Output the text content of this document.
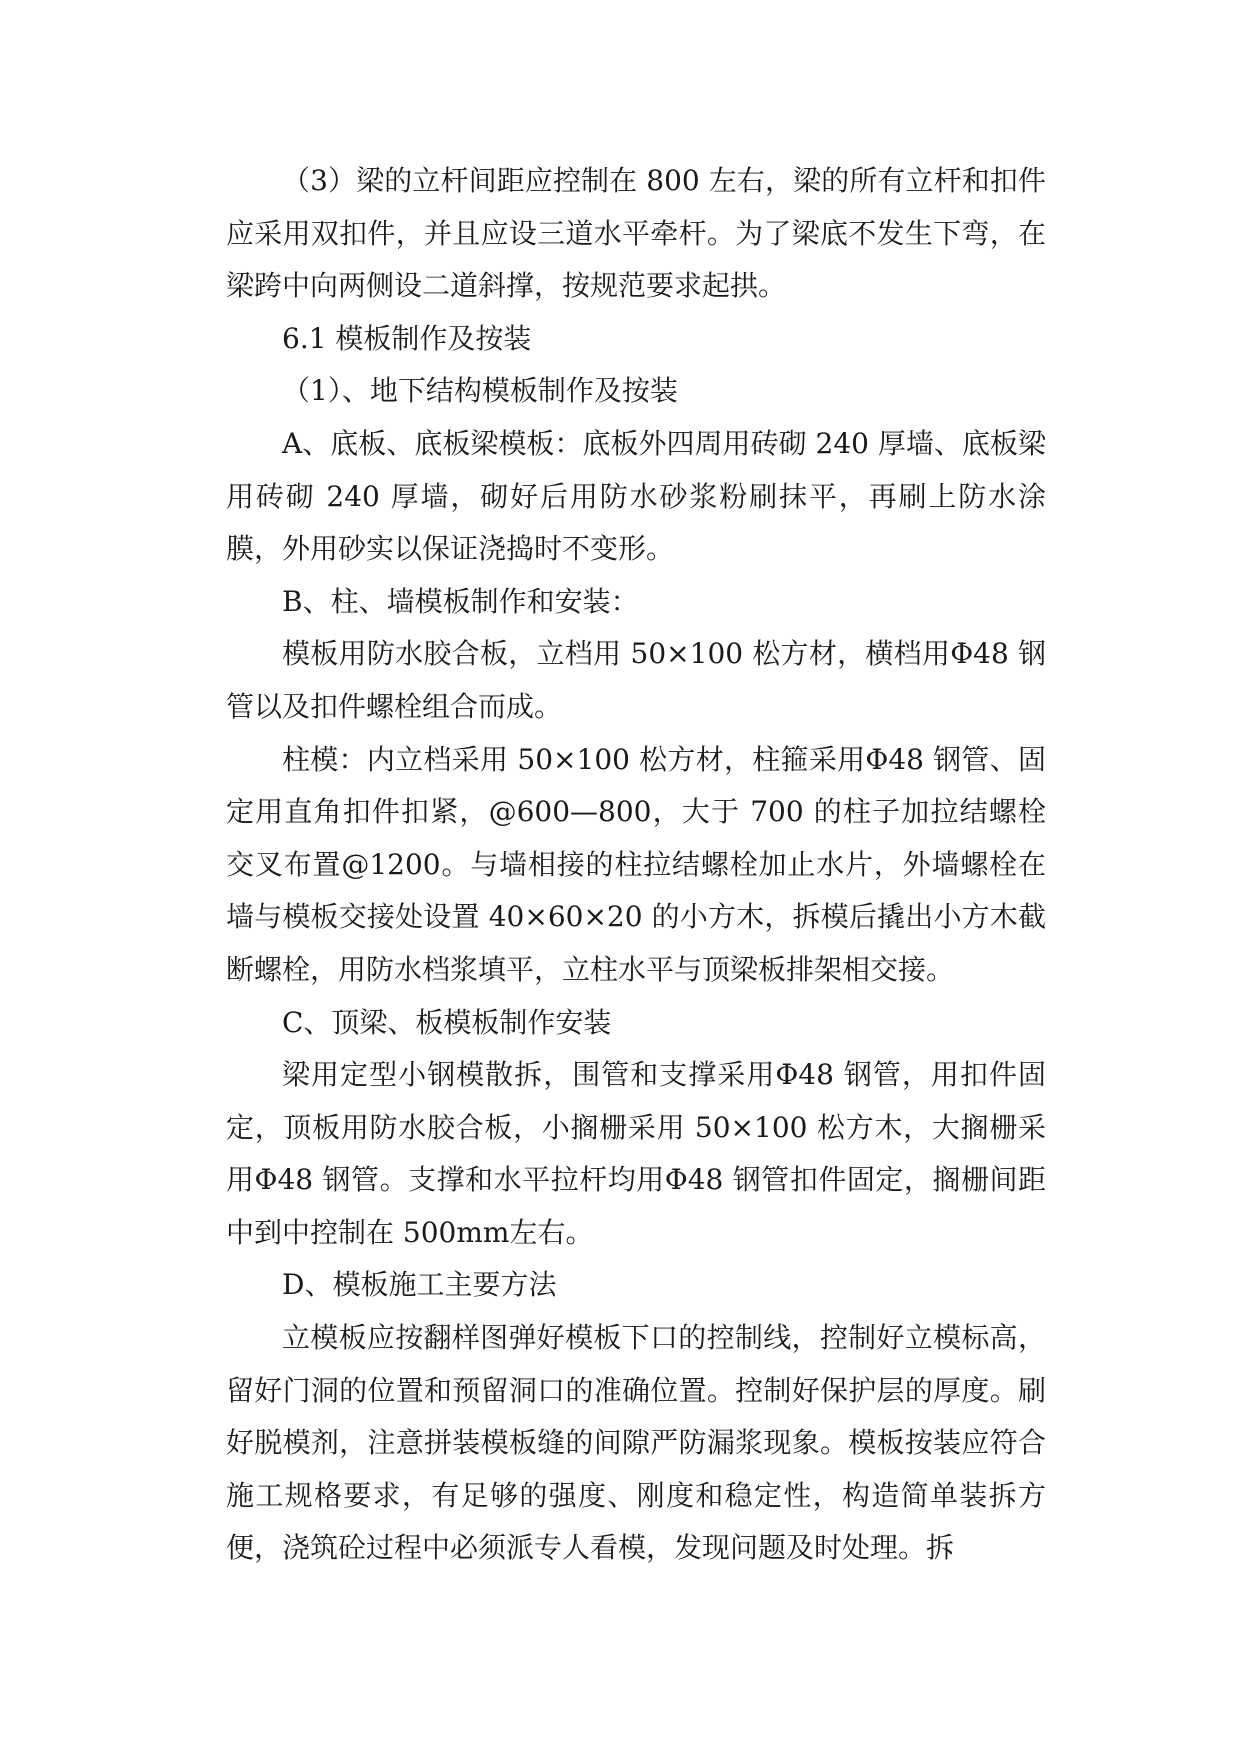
（3）梁的立杆间距应控制在 800 左右，梁的所有立杆和扣件应采用双扣件，并且应设三道水平牵杆。为了梁底不发生下弯，在梁跨中向两侧设二道斜撑，按规范要求起拱。

6.1 模板制作及按装

（1）、地下结构模板制作及按装

A、底板、底板梁模板：底板外四周用砖砌 240 厚墙、底板梁用砖砌 240 厚墙，砌好后用防水砂浆粉刷抹平，再刷上防水涂膜，外用砂实以保证浇捣时不变形。

B、柱、墙模板制作和安装：

模板用防水胶合板，立档用 50×100 松方材，横档用Φ48 钢管以及扣件螺栓组合而成。

柱模：内立档采用 50×100 松方材，柱箍采用Φ48 钢管、固定用直角扣件扣紧，@600—800，大于 700 的柱子加拉结螺栓交叉布置@1200。与墙相接的柱拉结螺栓加止水片，外墙螺栓在墙与模板交接处设置 40×60×20 的小方木，拆模后撬出小方木截断螺栓，用防水档浆填平，立柱水平与顶梁板排架相交接。

C、顶梁、板模板制作安装

梁用定型小钢模散拆，围管和支撑采用Φ48 钢管，用扣件固定，顶板用防水胶合板，小搁栅采用 50×100 松方木，大搁栅采用Φ48 钢管。支撑和水平拉杆均用Φ48 钢管扣件固定，搁栅间距中到中控制在 500mm左右。

D、模板施工主要方法

立模板应按翻样图弹好模板下口的控制线，控制好立模标高，留好门洞的位置和预留洞口的准确位置。控制好保护层的厚度。刷好脱模剂，注意拼装模板缝的间隙严防漏浆现象。模板按装应符合施工规格要求，有足够的强度、刚度和稳定性，构造简单装拆方便，浇筑砼过程中必须派专人看模，发现问题及时处理。拆
